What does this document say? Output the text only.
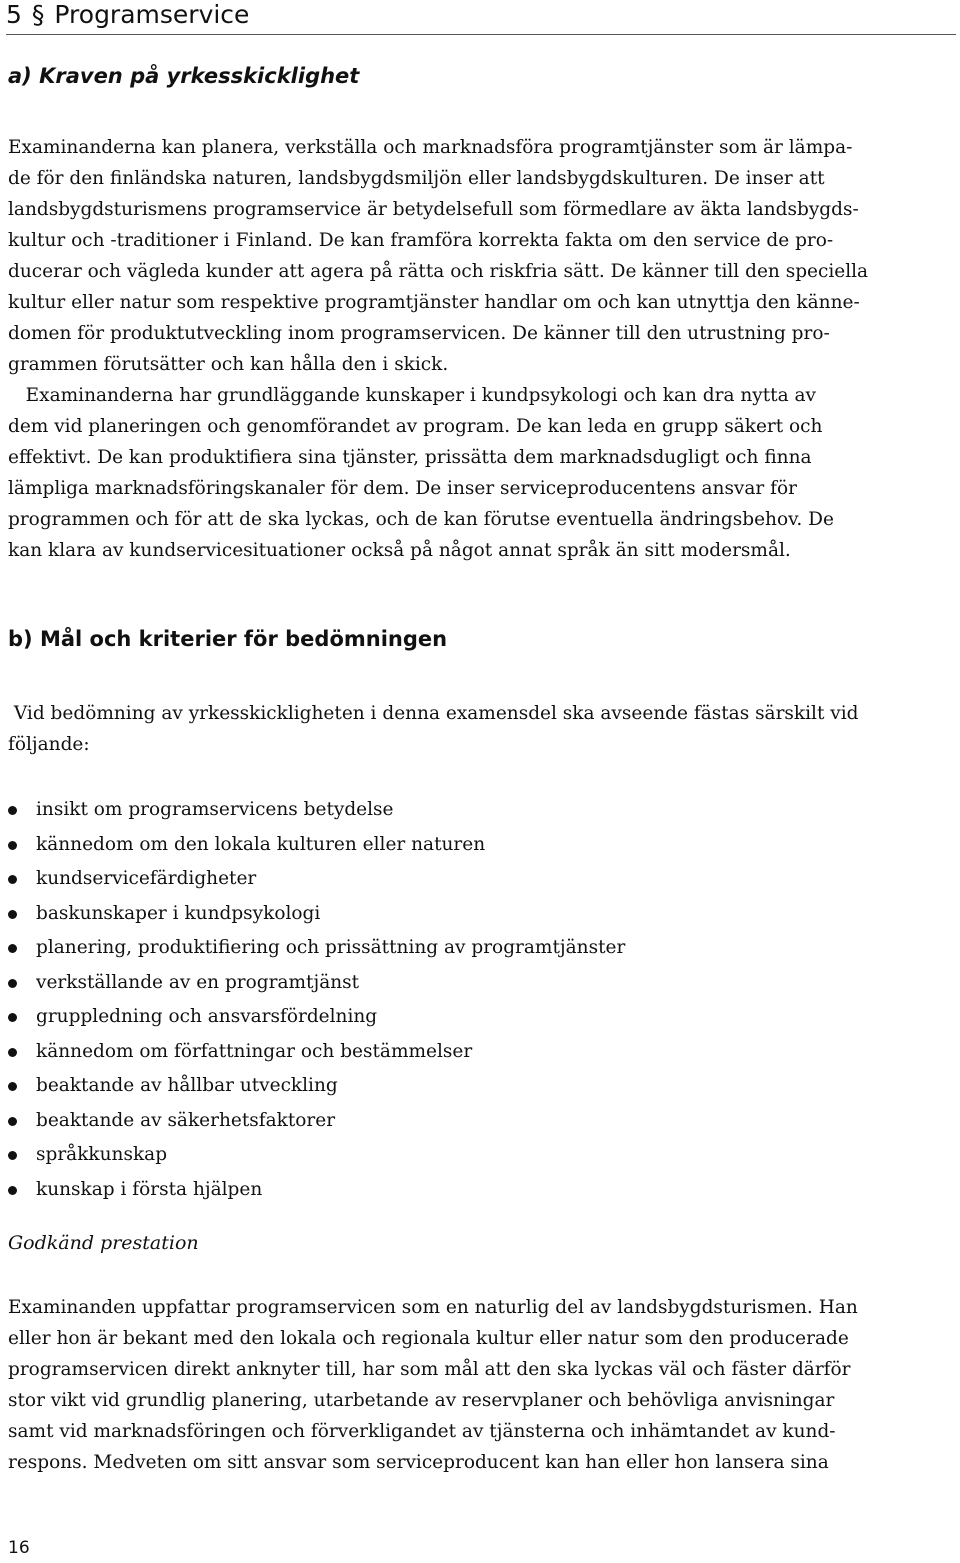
5 § Programservice
a) Kraven på yrkesskicklighet
Examinanderna kan planera, verkställa och marknadsföra programtjänster som är lämpa-
de för den finländska naturen, landsbygdsmiljön eller landsbygdskulturen. De inser att
landsbygdsturismens programservice är betydelsefull som förmedlare av äkta landsbygds-
kultur och -traditioner i Finland. De kan framföra korrekta fakta om den service de pro-
ducerar och vägleda kunder att agera på rätta och riskfria sätt. De känner till den speciella
kultur eller natur som respektive programtjänster handlar om och kan utnyttja den känne-
domen för produktutveckling inom programservicen. De känner till den utrustning pro-
grammen förutsätter och kan hålla den i skick.
Examinanderna har grundläggande kunskaper i kundpsykologi och kan dra nytta av
dem vid planeringen och genomförandet av program. De kan leda en grupp säkert och
effektivt. De kan produktifiera sina tjänster, prissätta dem marknadsdugligt och finna
lämpliga marknadsföringskanaler för dem. De inser serviceproducentens ansvar för
programmen och för att de ska lyckas, och de kan förutse eventuella ändringsbehov. De
kan klara av kundservicesituationer också på något annat språk än sitt modersmål.
b) Mål och kriterier för bedömningen
Vid bedömning av yrkesskickligheten i denna examensdel ska avseende fästas särskilt vid
följande:
insikt om programservicens betydelse
kännedom om den lokala kulturen eller naturen
kundservicefärdigheter
baskunskaper i kundpsykologi
planering, produktifiering och prissättning av programtjänster
verkställande av en programtjänst
gruppledning och ansvarsfördelning
kännedom om författningar och bestämmelser
beaktande av hållbar utveckling
beaktande av säkerhetsfaktorer
språkkunskap
kunskap i första hjälpen
Godkänd prestation
Examinanden uppfattar programservicen som en naturlig del av landsbygdsturismen. Han
eller hon är bekant med den lokala och regionala kultur eller natur som den producerade
programservicen direkt anknyter till, har som mål att den ska lyckas väl och fäster därför
stor vikt vid grundlig planering, utarbetande av reservplaner och behövliga anvisningar
samt vid marknadsföringen och förverkligandet av tjänsterna och inhämtandet av kund-
respons. Medveten om sitt ansvar som serviceproducent kan han eller hon lansera sina
16
